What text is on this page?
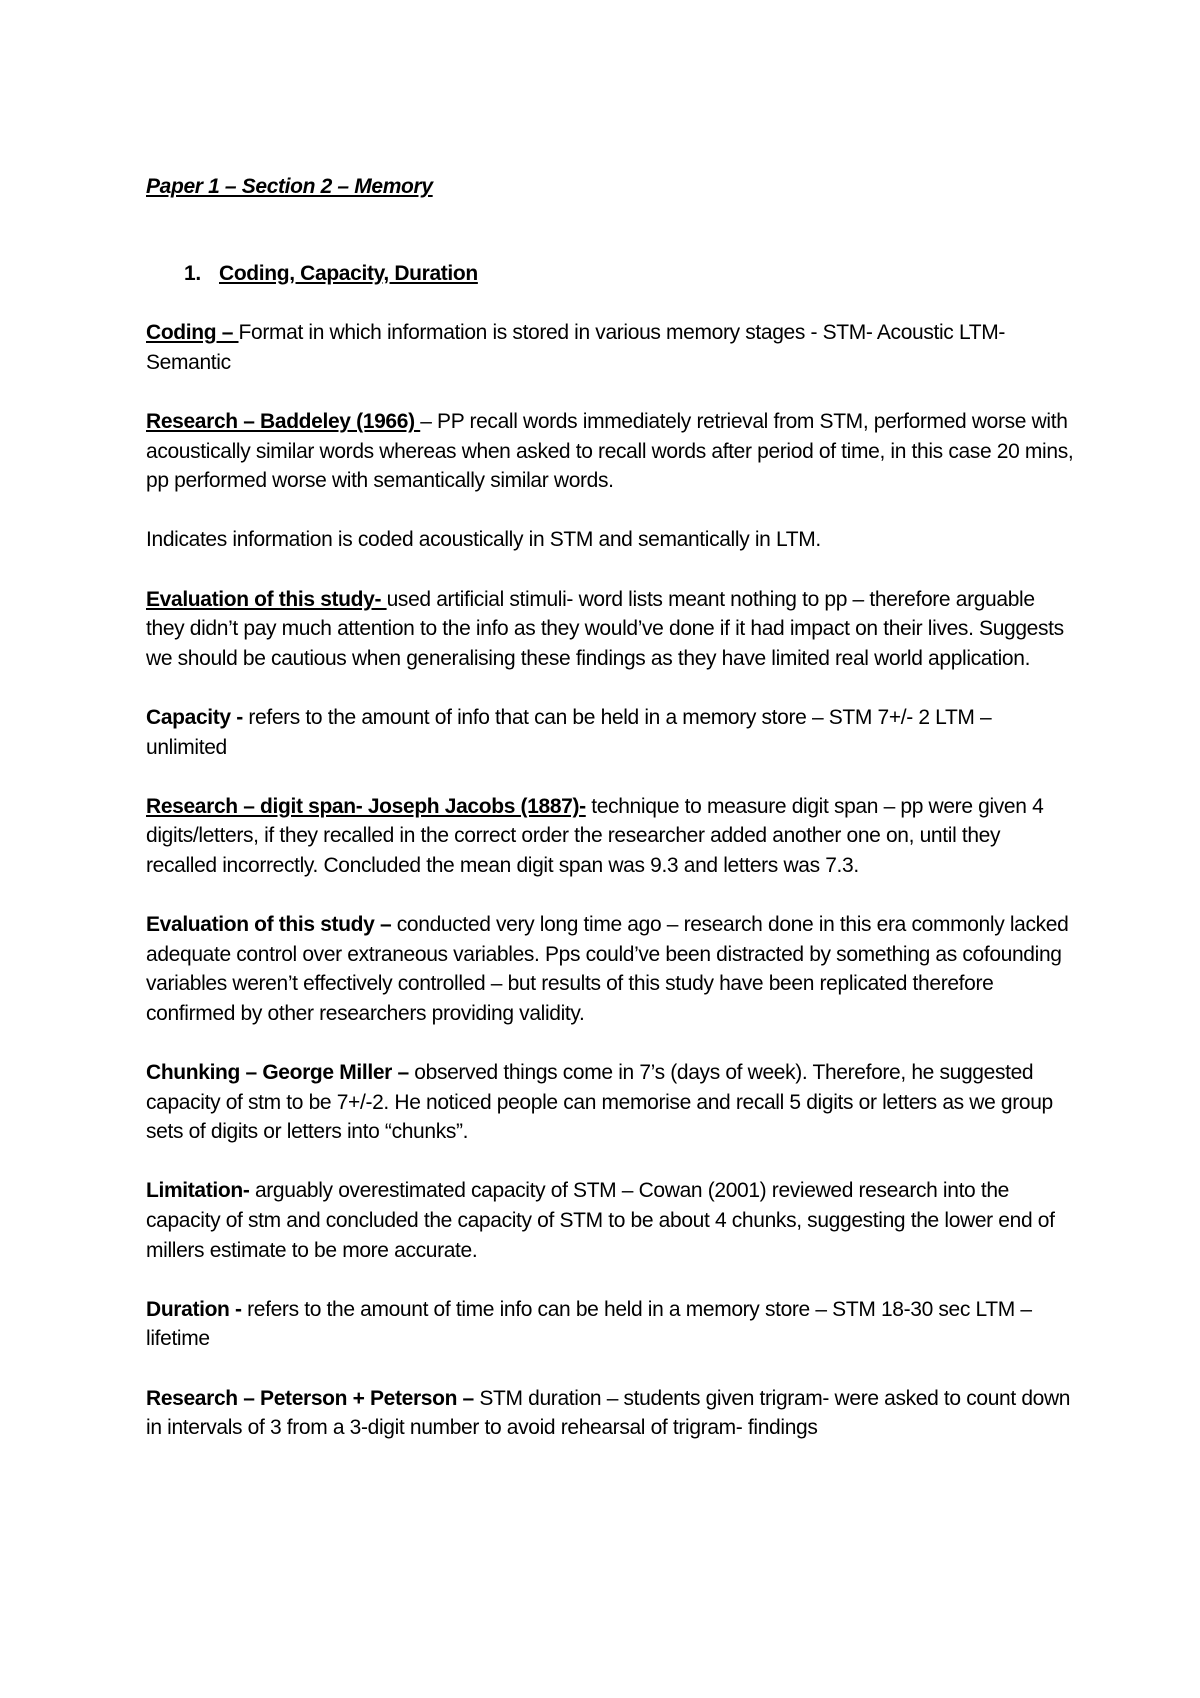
Paper 1 – Section 2 – Memory

1. Coding, Capacity, Duration

Coding – Format in which information is stored in various memory stages - STM- Acoustic LTM- Semantic

Research – Baddeley (1966) – PP recall words immediately retrieval from STM, performed worse with acoustically similar words whereas when asked to recall words after period of time, in this case 20 mins, pp performed worse with semantically similar words.

Indicates information is coded acoustically in STM and semantically in LTM.

Evaluation of this study- used artificial stimuli- word lists meant nothing to pp – therefore arguable they didn’t pay much attention to the info as they would’ve done if it had impact on their lives. Suggests we should be cautious when generalising these findings as they have limited real world application.

Capacity - refers to the amount of info that can be held in a memory store – STM 7+/- 2 LTM – unlimited

Research – digit span- Joseph Jacobs (1887)- technique to measure digit span – pp were given 4 digits/letters, if they recalled in the correct order the researcher added another one on, until they recalled incorrectly. Concluded the mean digit span was 9.3 and letters was 7.3.

Evaluation of this study – conducted very long time ago – research done in this era commonly lacked adequate control over extraneous variables. Pps could’ve been distracted by something as cofounding variables weren’t effectively controlled – but results of this study have been replicated therefore confirmed by other researchers providing validity.

Chunking – George Miller – observed things come in 7’s (days of week). Therefore, he suggested capacity of stm to be 7+/-2. He noticed people can memorise and recall 5 digits or letters as we group sets of digits or letters into “chunks”.

Limitation- arguably overestimated capacity of STM – Cowan (2001) reviewed research into the capacity of stm and concluded the capacity of STM to be about 4 chunks, suggesting the lower end of millers estimate to be more accurate.

Duration - refers to the amount of time info can be held in a memory store – STM 18-30 sec LTM – lifetime

Research – Peterson + Peterson – STM duration – students given trigram- were asked to count down in intervals of 3 from a 3-digit number to avoid rehearsal of trigram- findings
